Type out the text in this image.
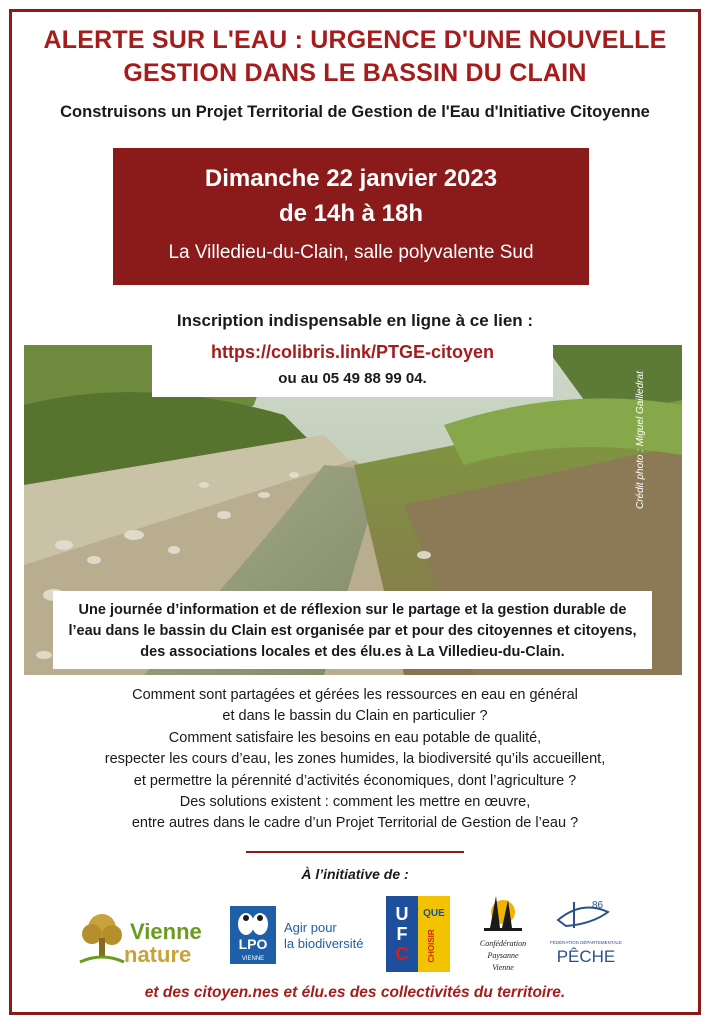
ALERTE SUR L'EAU : URGENCE D'UNE NOUVELLE
GESTION DANS LE BASSIN DU CLAIN
Construisons un Projet Territorial de Gestion de l'Eau d'Initiative Citoyenne
Dimanche 22 janvier 2023
de 14h à 18h
La Villedieu-du-Clain, salle polyvalente Sud
Inscription indispensable en ligne à ce lien :
Crédit photo : Miguel Gailledrat
https://colibris.link/PTGE-citoyen
ou au 05 49 88 99 04.
Une journée d’information et de réflexion sur le partage et la gestion durable de
l’eau dans le bassin du Clain est organisée par et pour des citoyennes et citoyens,
des associations locales et des élu.es à La Villedieu-du-Clain.
Comment sont partagées et gérées les ressources en eau en général
et dans le bassin du Clain en particulier ?
Comment satisfaire les besoins en eau potable de qualité,
respecter les cours d’eau, les zones humides, la biodiversité qu’ils accueillent,
et permettre la pérennité d’activités économiques, dont l’agriculture ?
Des solutions existent : comment les mettre en œuvre,
entre autres dans le cadre d’un Projet Territorial de Gestion de l’eau ?
À l’initiative de :
Vienne
nature	LPO
VIENNE
Agir pour
la biodiversité
U
F
C
QUE
CHOISIR	Confédération
Paysanne
Vienne
86
FÉDÉRATION DÉPARTEMENTALE
PÊCHE
et des citoyen.nes et élu.es des collectivités du territoire.
